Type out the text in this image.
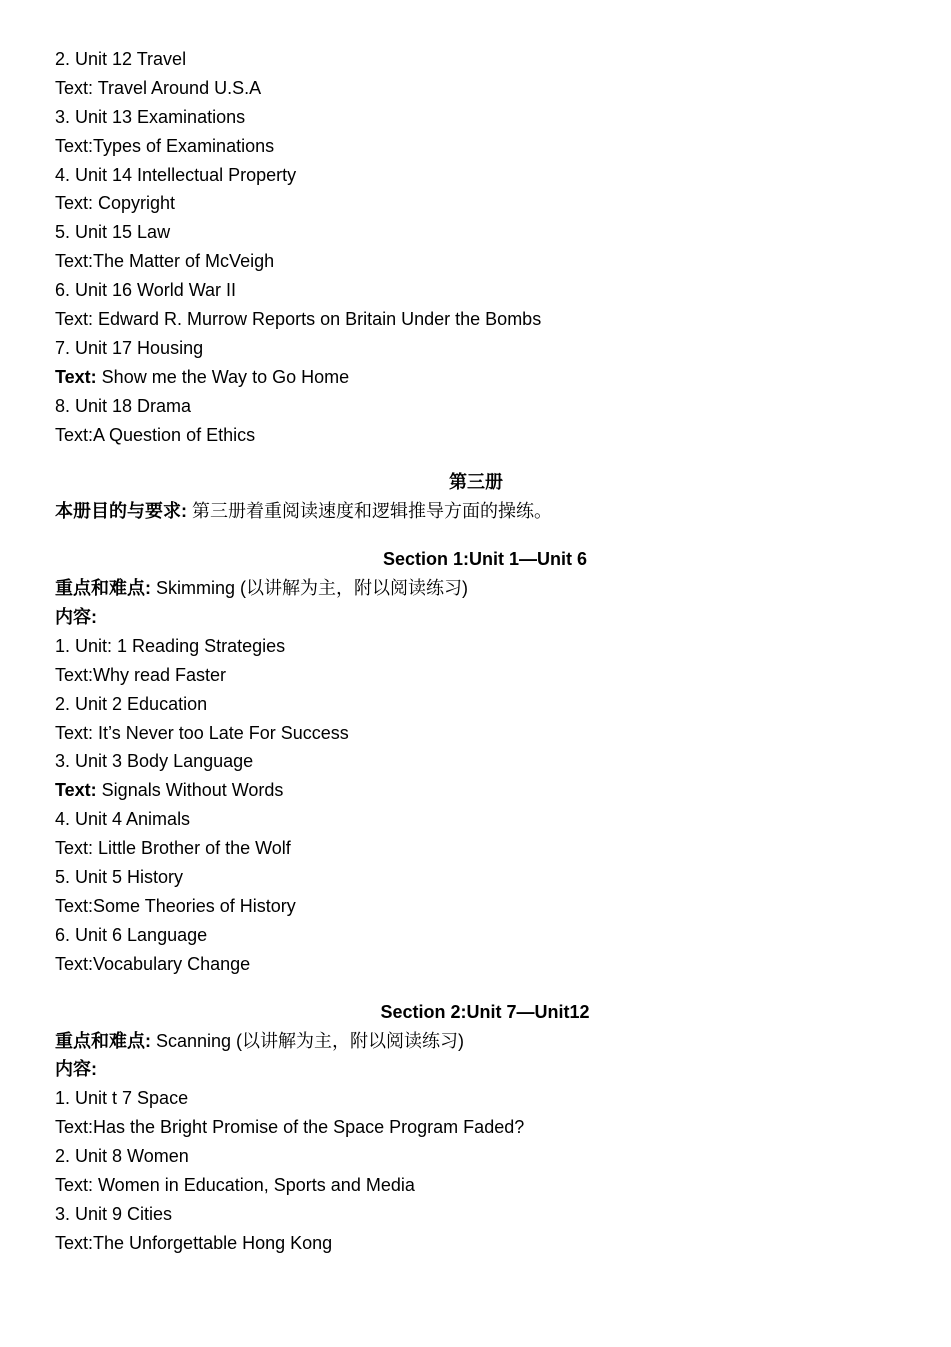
2. Unit 12 Travel
Text: Travel Around U.S.A
3. Unit 13 Examinations
Text:Types of Examinations
4. Unit 14 Intellectual Property
Text: Copyright
5. Unit 15 Law
Text:The Matter of McVeigh
6. Unit 16 World War II
Text: Edward R. Murrow Reports on Britain Under the Bombs
7. Unit 17 Housing
Text: Show me the Way to Go Home
8. Unit 18 Drama
Text:A Question of Ethics
第三册
本册目的与要求: 第三册着重阅读速度和逻辑推导方面的操练。
Section 1:Unit 1—Unit 6
重点和难点: Skimming (以讲解为主，附以阅读练习)
内容:
1. Unit: 1 Reading Strategies
Text:Why read Faster
2. Unit 2 Education
Text: It’s Never too Late For Success
3. Unit 3 Body Language
Text: Signals Without Words
4. Unit 4 Animals
Text: Little Brother of the Wolf
5. Unit 5 History
Text:Some Theories of History
6. Unit 6 Language
Text:Vocabulary Change
Section 2:Unit 7—Unit12
重点和难点: Scanning (以讲解为主，附以阅读练习)
内容:
1. Unit t 7 Space
Text:Has the Bright Promise of the Space Program Faded?
2. Unit 8 Women
Text: Women in Education, Sports and Media
3. Unit 9 Cities
Text:The Unforgettable Hong Kong
